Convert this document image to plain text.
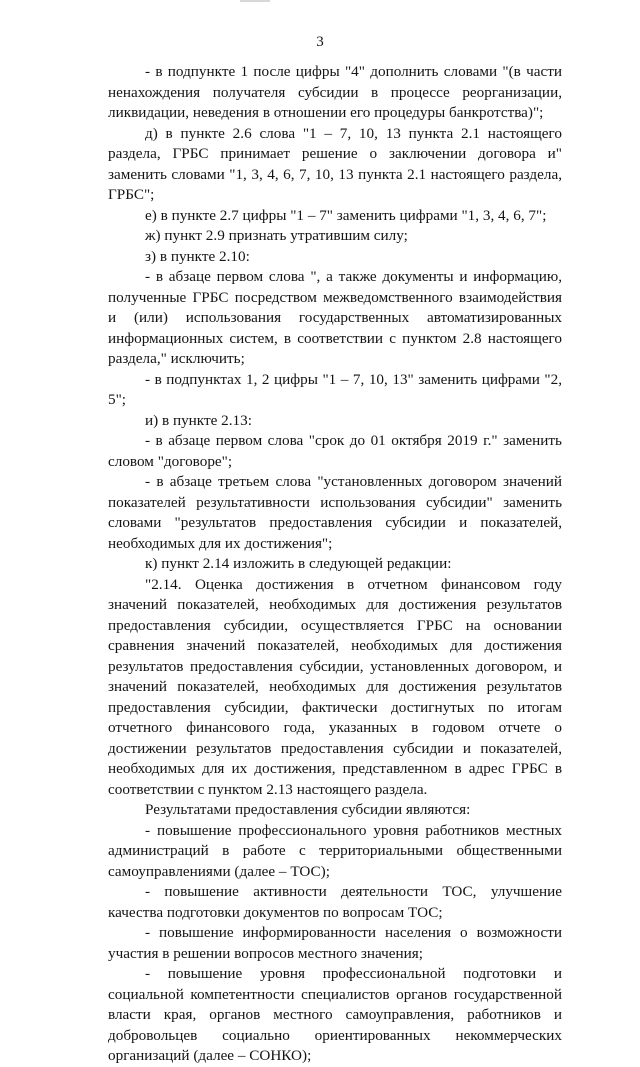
3

- в подпункте 1 после цифры "4" дополнить словами "(в части ненахождения получателя субсидии в процессе реорганизации, ликвидации, неведения в отношении его процедуры банкротства)";

д) в пункте 2.6 слова "1 – 7, 10, 13 пункта 2.1 настоящего раздела, ГРБС принимает решение о заключении договора и" заменить словами "1, 3, 4, 6, 7, 10, 13 пункта 2.1 настоящего раздела, ГРБС";

е) в пункте 2.7 цифры "1 – 7" заменить цифрами "1, 3, 4, 6, 7";

ж) пункт 2.9 признать утратившим силу;

з) в пункте 2.10:

- в абзаце первом слова ", а также документы и информацию, полученные ГРБС посредством межведомственного взаимодействия и (или) использования государственных автоматизированных информационных систем, в соответствии с пунктом 2.8 настоящего раздела," исключить;

- в подпунктах 1, 2 цифры "1 – 7, 10, 13" заменить цифрами "2, 5";

и) в пункте 2.13:

- в абзаце первом слова "срок до 01 октября 2019 г." заменить словом "договоре";

- в абзаце третьем слова "установленных договором значений показателей результативности использования субсидии" заменить словами "результатов предоставления субсидии и показателей, необходимых для их достижения";

к) пункт 2.14 изложить в следующей редакции:

"2.14. Оценка достижения в отчетном финансовом году значений показателей, необходимых для достижения результатов предоставления субсидии, осуществляется ГРБС на основании сравнения значений показателей, необходимых для достижения результатов предоставления субсидии, установленных договором, и значений показателей, необходимых для достижения результатов предоставления субсидии, фактически достигнутых по итогам отчетного финансового года, указанных в годовом отчете о достижении результатов предоставления субсидии и показателей, необходимых для их достижения, представленном в адрес ГРБС в соответствии с пунктом 2.13 настоящего раздела.

Результатами предоставления субсидии являются:

- повышение профессионального уровня работников местных администраций в работе с территориальными общественными самоуправлениями (далее – ТОС);

- повышение активности деятельности ТОС, улучшение качества подготовки документов по вопросам ТОС;

- повышение информированности населения о возможности участия в решении вопросов местного значения;

- повышение уровня профессиональной подготовки и социальной компетентности специалистов органов государственной власти края, органов местного самоуправления, работников и добровольцев социально ориентированных некоммерческих организаций (далее – СОНКО);
